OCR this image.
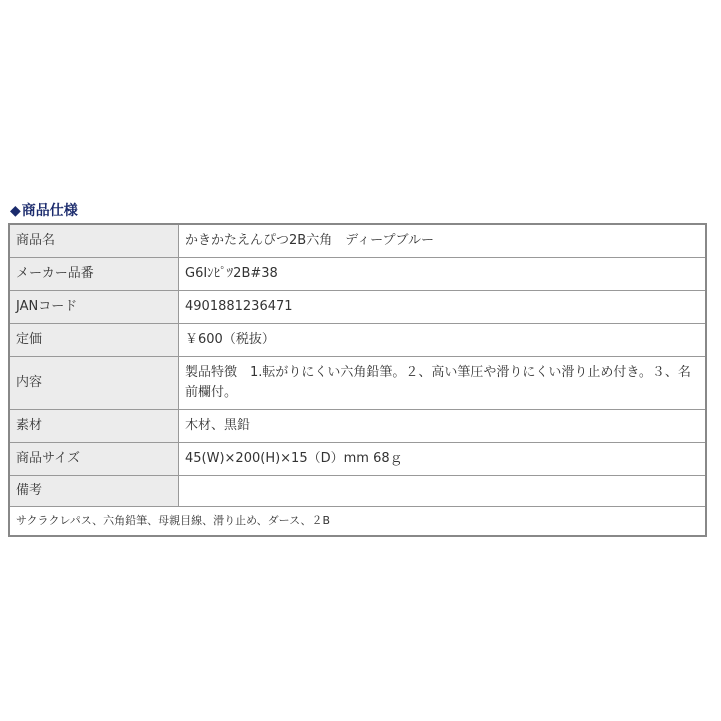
◆商品仕様
商品名	かきかたえんぴつ2B六角　ディープブルー
メーカー品番	G6Iﾝﾋﾟﾂ2B#38
JANコード	4901881236471
定価	￥600（税抜）
内容	製品特徴　1.転がりにくい六角鉛筆。２、高い筆圧や滑りにくい滑り止め付き。３、名前欄付。
素材	木材、黒鉛
商品サイズ	45(W)×200(H)×15（D）mm 68ｇ
備考	
サクラクレパス、六角鉛筆、母親目線、滑り止め、ダース、２B	
